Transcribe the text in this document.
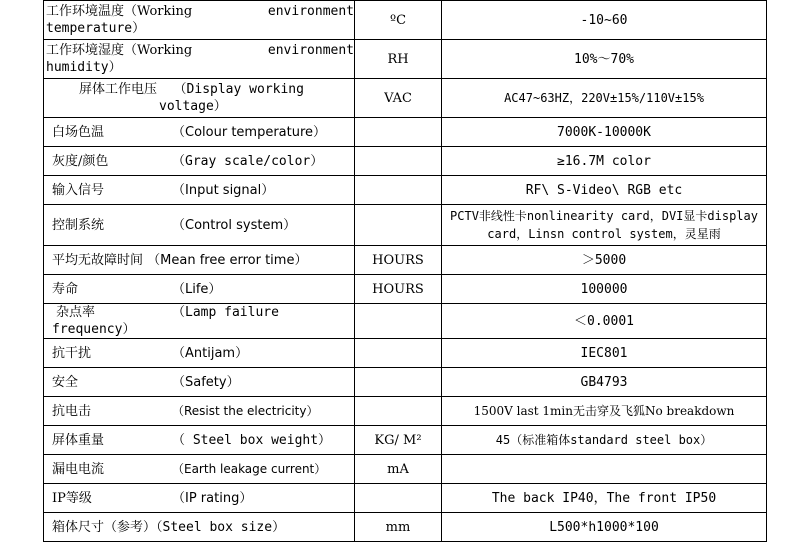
工作环境温度（Working environment
temperature）	ºC	-10~60

工作环境湿度（Working environment
humidity）	RH	10%～70%

屏体工作电压 （Display working
voltage）	VAC	AC47~63HZ，220V±15%/110V±15%
白场色温 （Colour temperature）		7000K-10000K
灰度/颜色 （Gray scale/color）		≥16.7M color
输入信号 （Input signal）		RF\ S-Video\ RGB etc
控制系统 （Control system）		PCTV非线性卡nonlinearity card，DVI显卡display
card，Linsn control system，灵星雨

平均无故障时间 （Mean free error time）	HOURS	＞5000
寿命 （Life）	HOURS	100000
杂点率 （Lamp failure frequency）		＜0.0001
抗干扰 （Antijam）		IEC801
安全 （Safety）		GB4793
抗电击 （Resist the electricity）		1500V last 1min无击穿及飞狐No breakdown
屏体重量 （ Steel box weight）	KG/ M²	45（标准箱体standard steel box）
漏电电流 （Earth leakage current）	mA	
IP等级 （IP rating）		The back IP40，The front IP50
箱体尺寸（参考）（Steel box size）	mm	L500*h1000*100
